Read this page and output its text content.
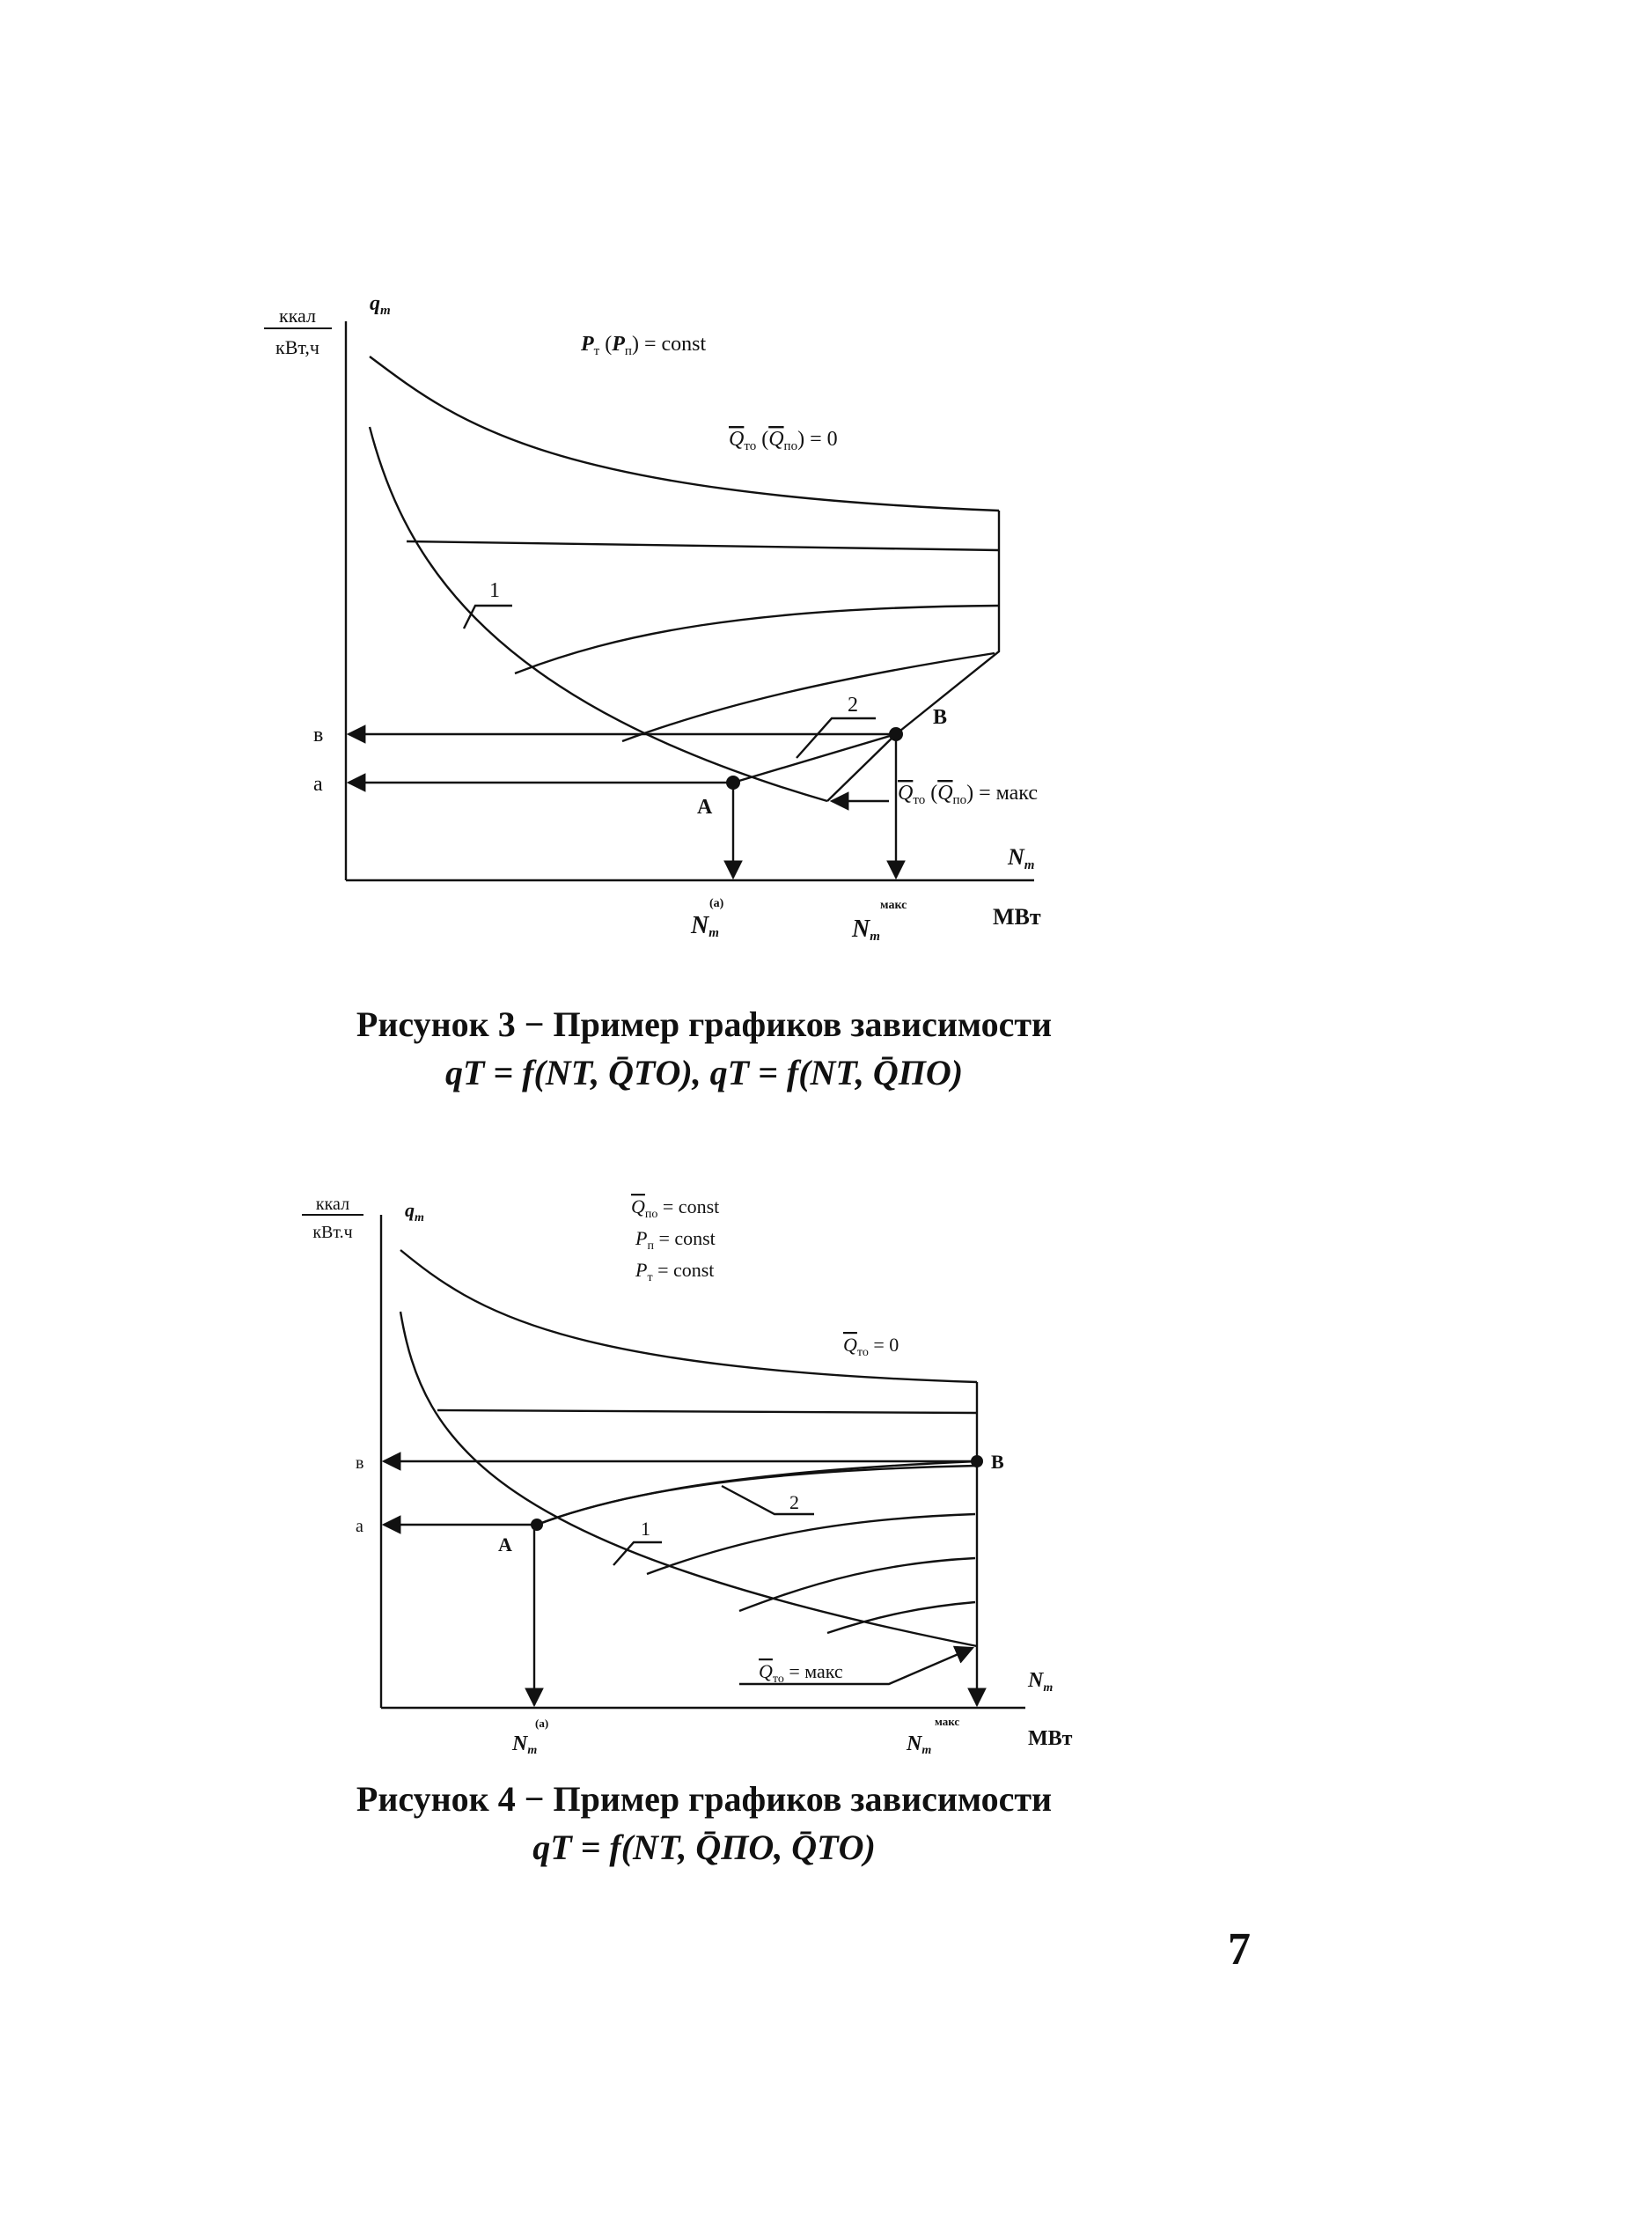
ккал
кВт,ч
$q_т$
$P_т$ $(P_п)$ = const
$Q_{то}$ $(Q_{по}) = 0$
$Q_{то}$ $(Q_{по})$ = макс
1
2
в
а
A
B
Nт
МВт
Nт
(а)
Nт
макс
Рисунок 3 − Пример графиков зависимости
qТ = f(NТ, Q̄ТО), qТ = f(NТ, Q̄ПО)
ккал
кВт.ч
$q_т$
$Q_{по}$ = const
$P_п$ = const
$P_т$ = const
$Q_{то} = 0$
$Q_{то}$ = макс
1
2
в
а
A
B
$N_т$
МВт
Nт
(а)
Nт
макс
Рисунок 4 − Пример графиков зависимости
qТ = f(NТ, Q̄ПО, Q̄ТО)
7
